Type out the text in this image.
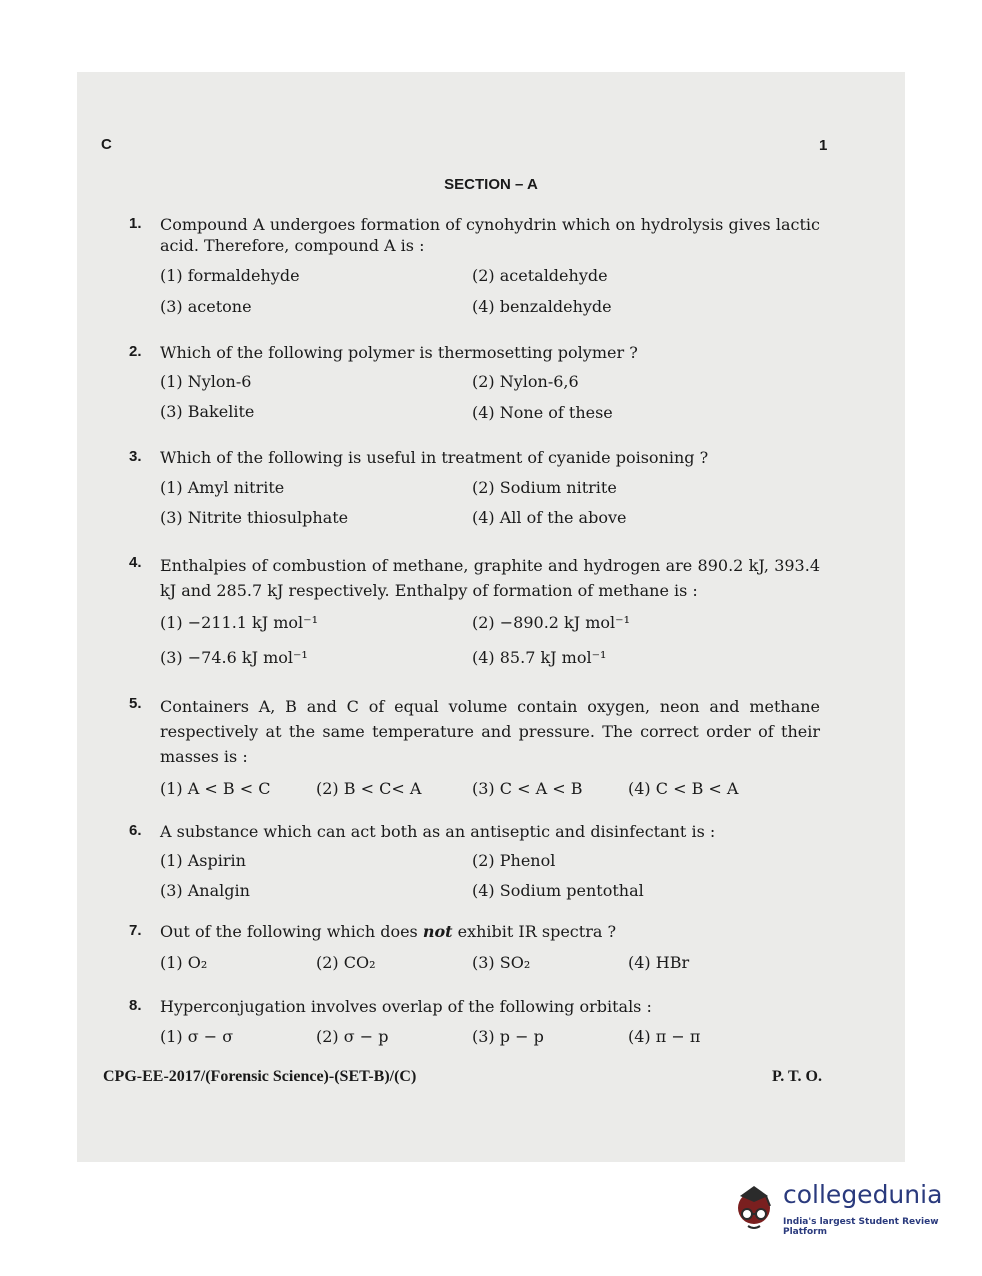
C	1
SECTION – A
1. Compound A undergoes formation of cynohydrin which on hydrolysis gives lactic acid. Therefore, compound A is :
(1) formaldehyde	(2) acetaldehyde
(3) acetone	(4) benzaldehyde
2. Which of the following polymer is thermosetting polymer ?
(1) Nylon-6	(2) Nylon-6,6
(3) Bakelite	(4) None of these
3. Which of the following is useful in treatment of cyanide poisoning ?
(1) Amyl nitrite	(2) Sodium nitrite
(3) Nitrite thiosulphate	(4) All of the above
4. Enthalpies of combustion of methane, graphite and hydrogen are 890.2 kJ, 393.4 kJ and 285.7 kJ respectively. Enthalpy of formation of methane is :
(1) −211.1 kJ mol⁻¹	(2) −890.2 kJ mol⁻¹
(3) −74.6 kJ mol⁻¹	(4) 85.7 kJ mol⁻¹
5. Containers A, B and C of equal volume contain oxygen, neon and methane respectively at the same temperature and pressure. The correct order of their masses is :
(1) A < B < C	(2) B < C< A	(3) C < A < B	(4) C < B < A
6. A substance which can act both as an antiseptic and disinfectant is :
(1) Aspirin	(2) Phenol
(3) Analgin	(4) Sodium pentothal
7. Out of the following which does not exhibit IR spectra ?
(1) O₂	(2) CO₂	(3) SO₂	(4) HBr
8. Hyperconjugation involves overlap of the following orbitals :
(1) σ − σ	(2) σ − p	(3) p − p	(4) π − π
CPG-EE-2017/(Forensic Science)-(SET-B)/(C)	P. T. O.
collegedunia
India's largest Student Review Platform
